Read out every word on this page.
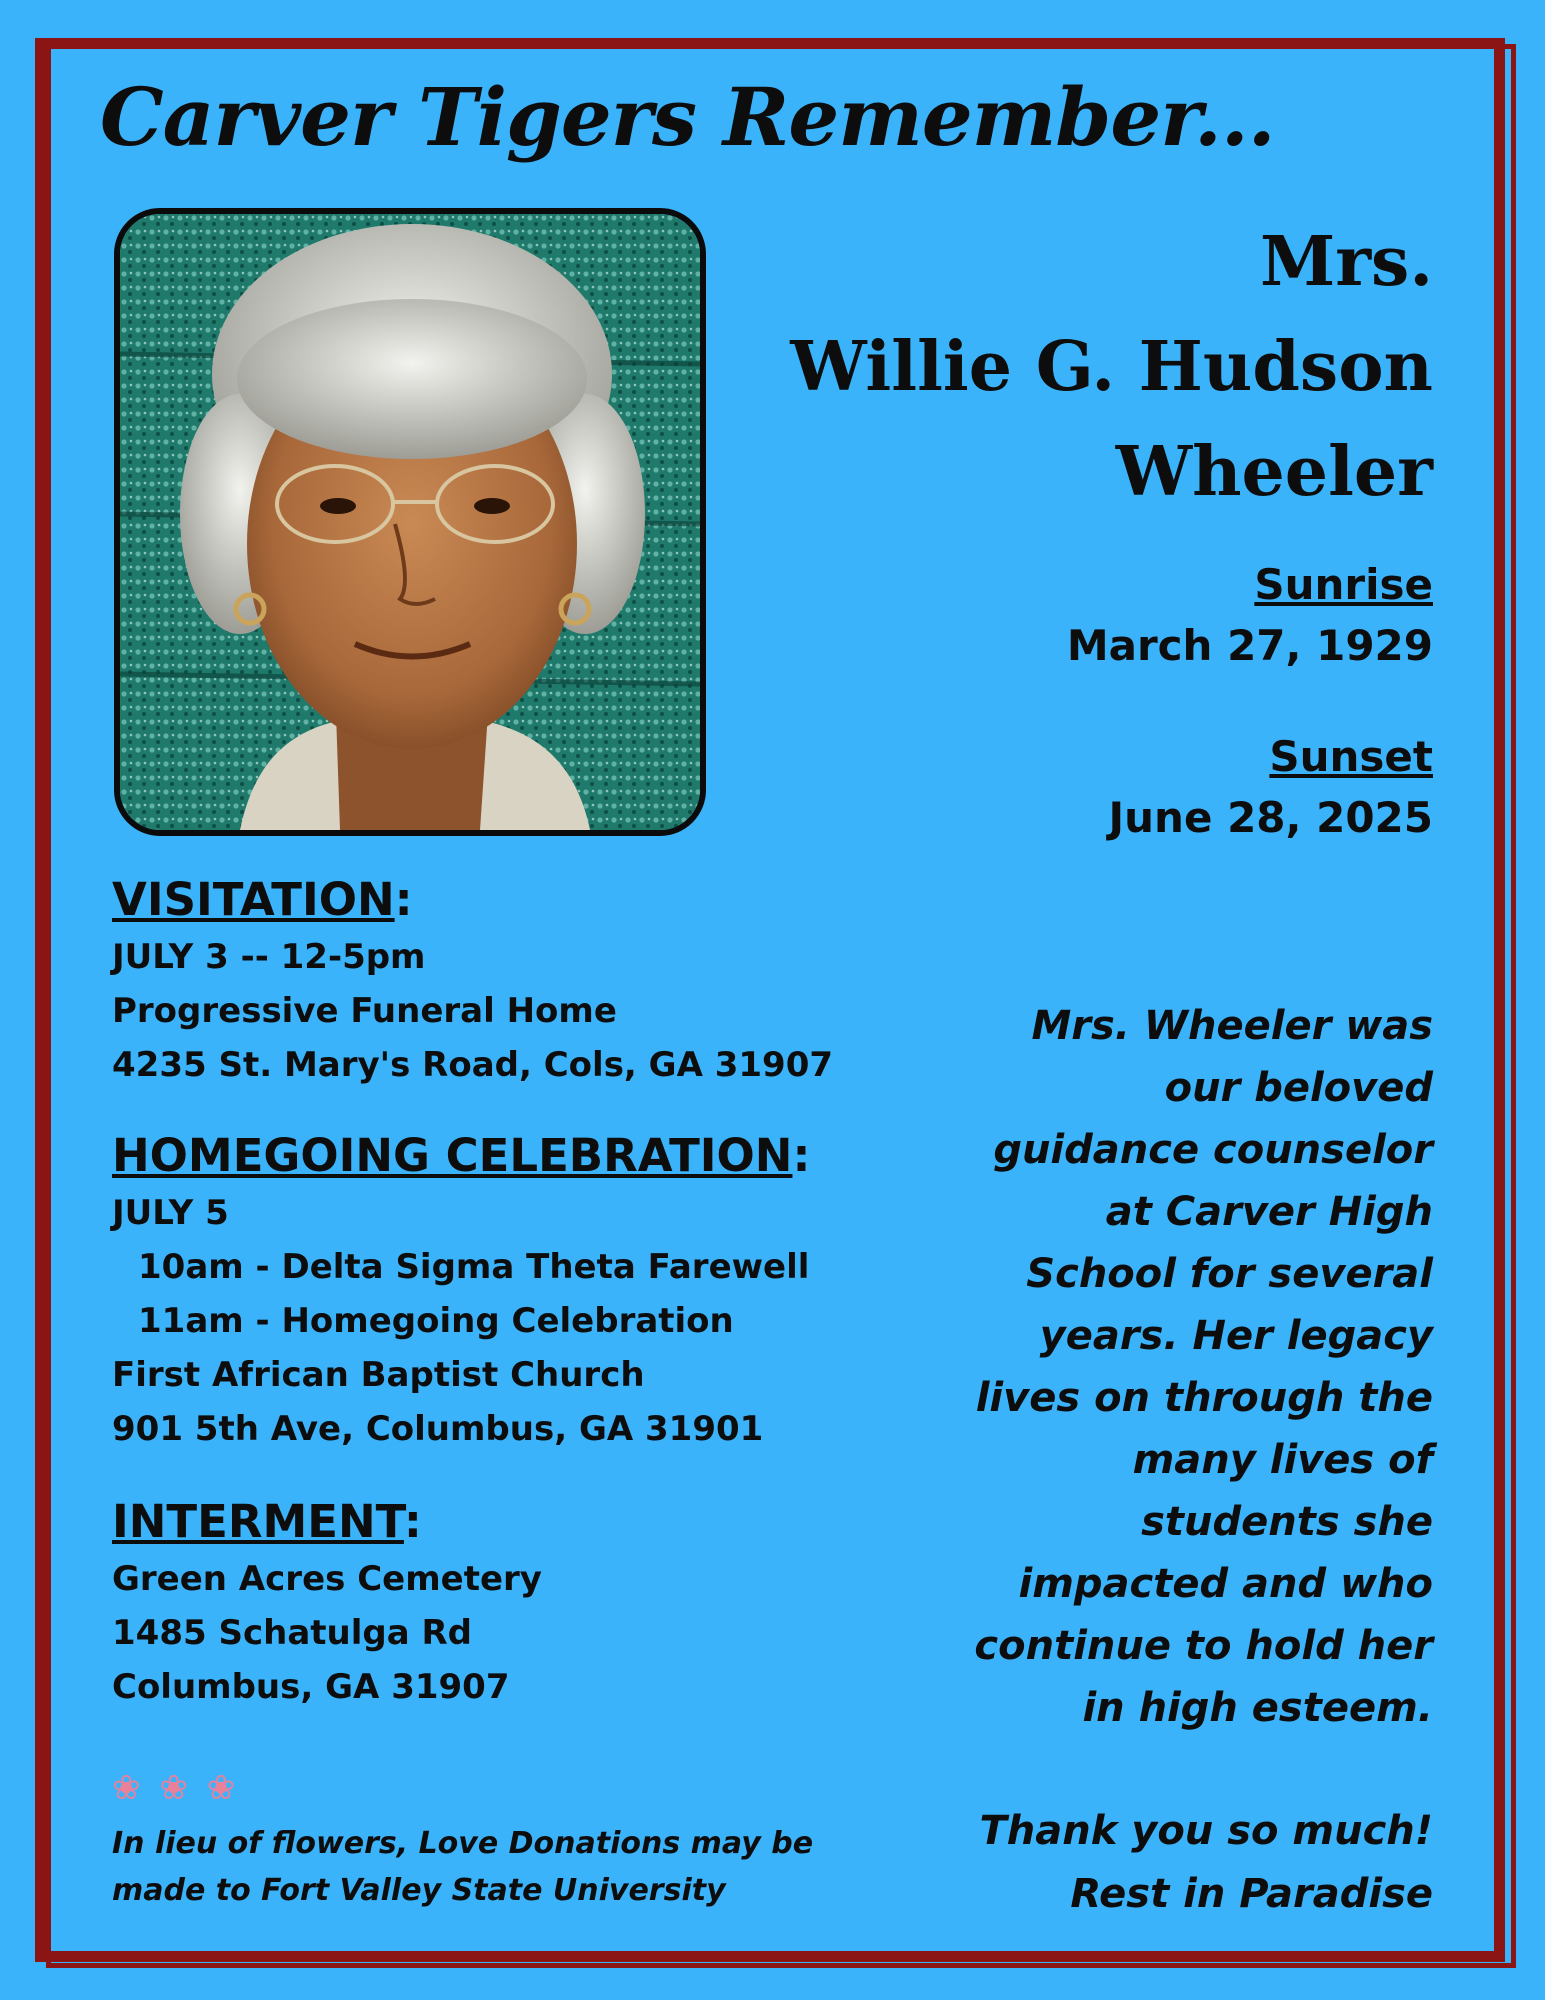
Carver Tigers Remember...
Mrs.
Willie G. Hudson
Wheeler
Sunrise
March 27, 1929
Sunset
June 28, 2025
VISITATION:
JULY 3 -- 12-5pm
Progressive Funeral Home
4235 St. Mary's Road, Cols, GA 31907
HOMEGOING CELEBRATION:
JULY 5
10am - Delta Sigma Theta Farewell
11am - Homegoing Celebration
First African Baptist Church
901 5th Ave, Columbus, GA 31901
INTERMENT:
Green Acres Cemetery
1485 Schatulga Rd
Columbus, GA 31907
Mrs. Wheeler was
our beloved
guidance counselor
at Carver High
School for several
years. Her legacy
lives on through the
many lives of
students she
impacted and who
continue to hold her
in high esteem.
Thank you so much!
Rest in Paradise
❀ ❀ ❀
In lieu of flowers, Love Donations may be
made to Fort Valley State University
